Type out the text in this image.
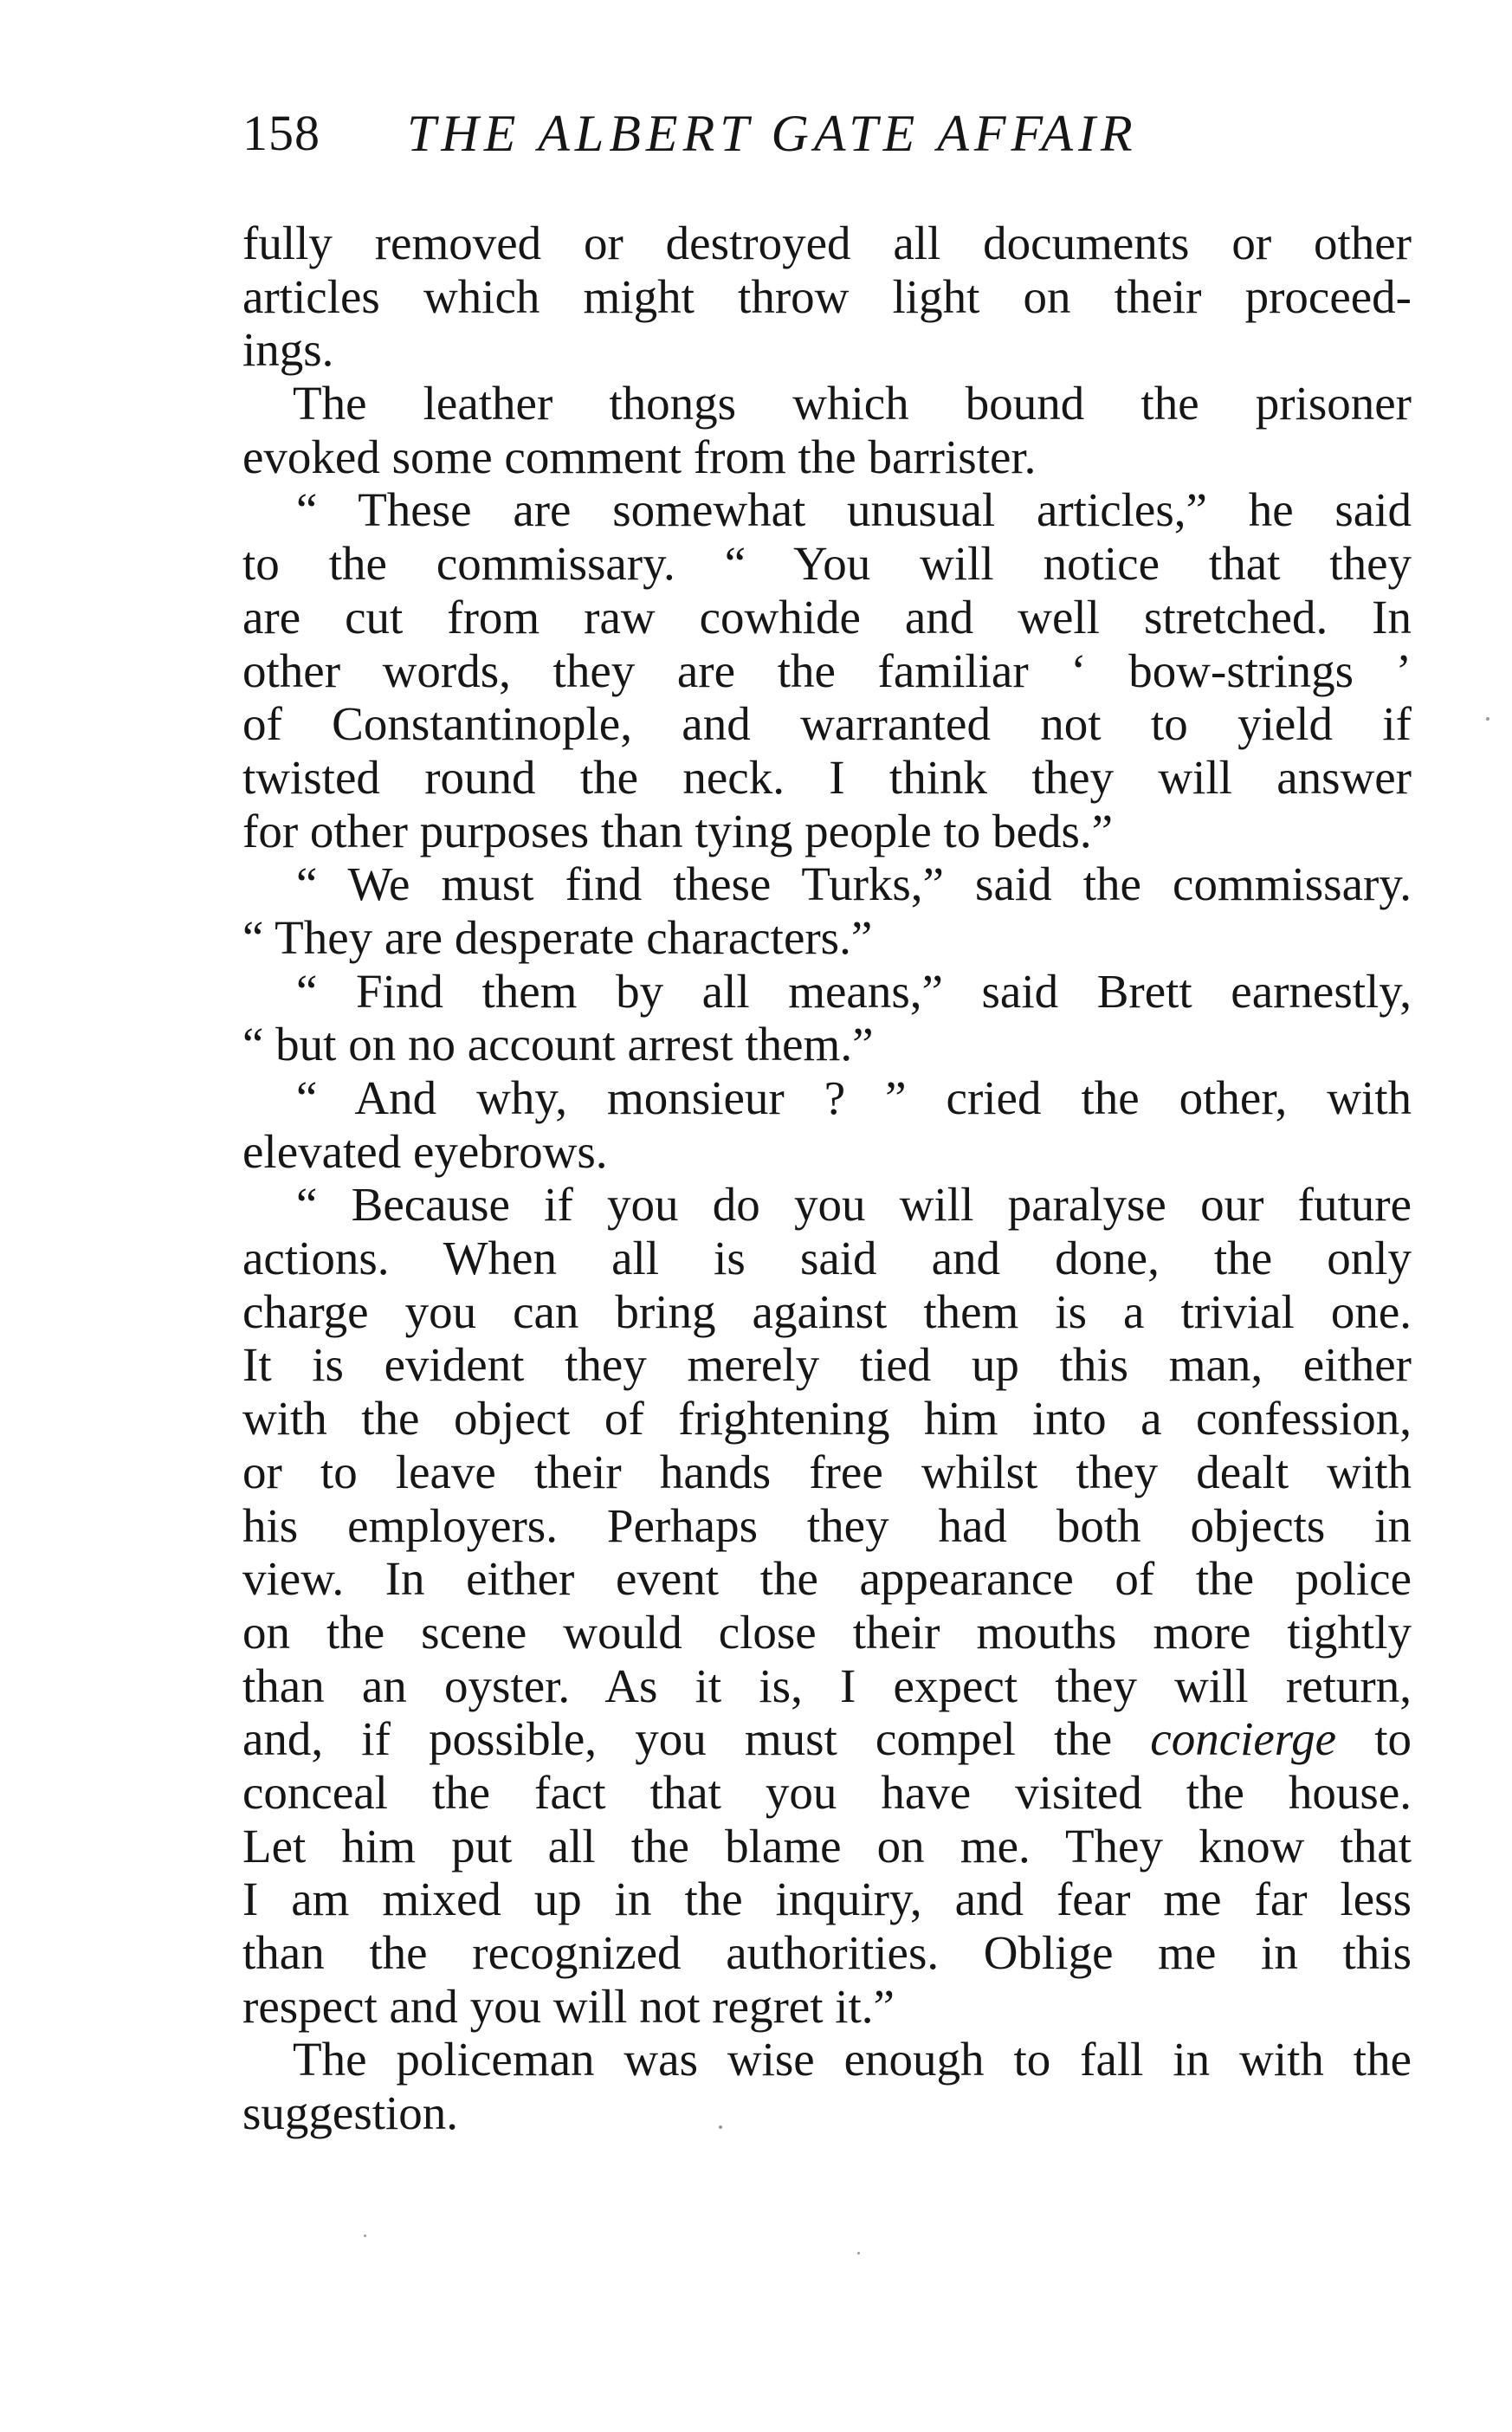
158 THE ALBERT GATE AFFAIR
fully removed or destroyed all documents or other
articles which might throw light on their proceed-
ings.
The leather thongs which bound the prisoner
evoked some comment from the barrister.
“ These are somewhat unusual articles,” he said
to the commissary. “ You will notice that they
are cut from raw cowhide and well stretched. In
other words, they are the familiar ‘ bow-strings ’
of Constantinople, and warranted not to yield if
twisted round the neck. I think they will answer
for other purposes than tying people to beds.”
“ We must find these Turks,” said the commissary.
“ They are desperate characters.”
“ Find them by all means,” said Brett earnestly,
“ but on no account arrest them.”
“ And why, monsieur ? ” cried the other, with
elevated eyebrows.
“ Because if you do you will paralyse our future
actions. When all is said and done, the only
charge you can bring against them is a trivial one.
It is evident they merely tied up this man, either
with the object of frightening him into a confession,
or to leave their hands free whilst they dealt with
his employers. Perhaps they had both objects in
view. In either event the appearance of the police
on the scene would close their mouths more tightly
than an oyster. As it is, I expect they will return,
and, if possible, you must compel the concierge to
conceal the fact that you have visited the house.
Let him put all the blame on me. They know that
I am mixed up in the inquiry, and fear me far less
than the recognized authorities. Oblige me in this
respect and you will not regret it.”
The policeman was wise enough to fall in with the
suggestion.
